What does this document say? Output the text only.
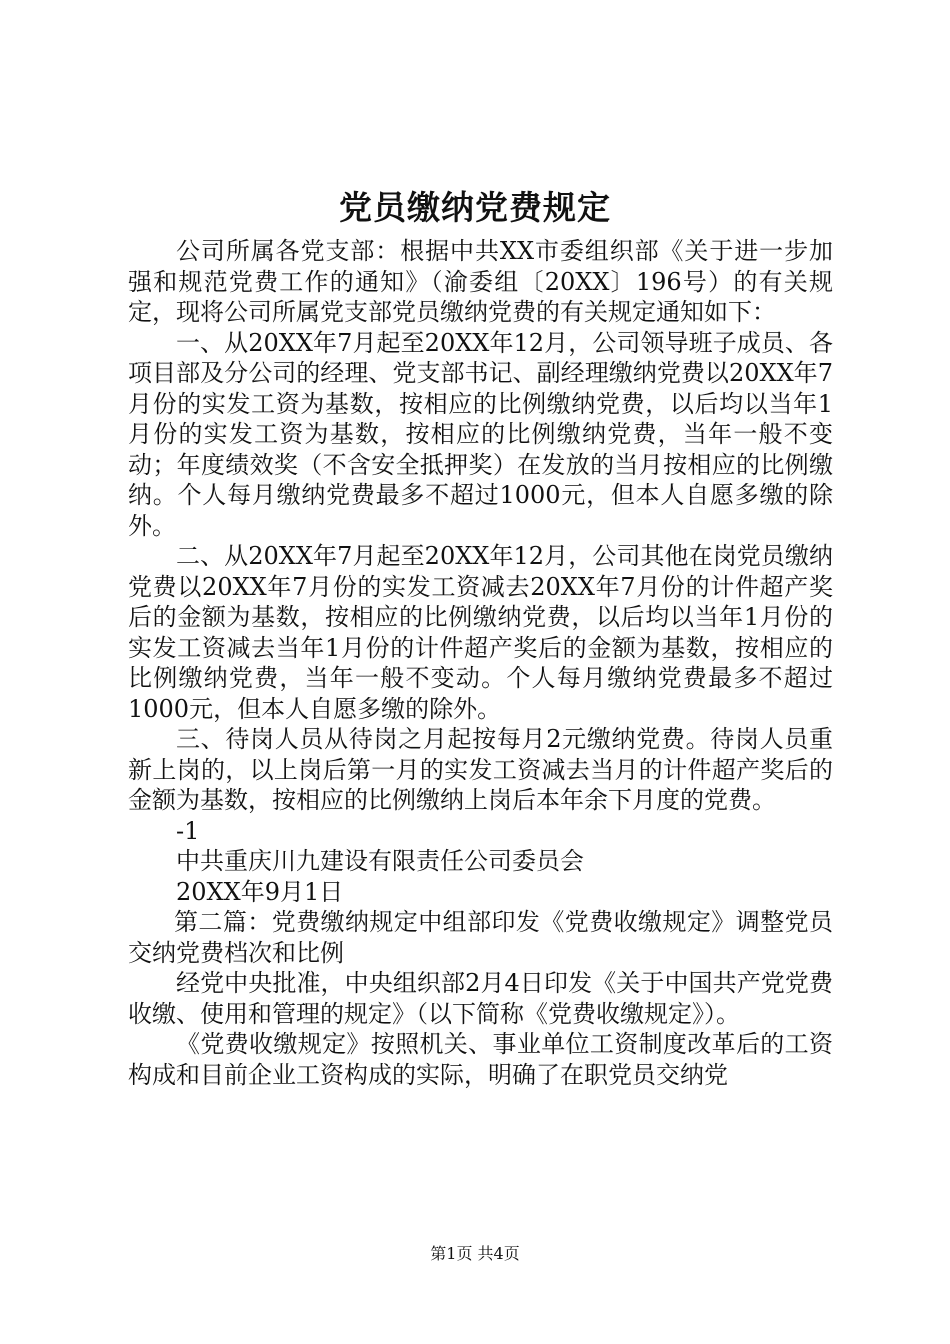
党员缴纳党费规定

公司所属各党支部：根据中共XX市委组织部《关于进一步加强和规范党费工作的通知》（渝委组〔20XX〕196号）的有关规定，现将公司所属党支部党员缴纳党费的有关规定通知如下：

一、从20XX年7月起至20XX年12月，公司领导班子成员、各项目部及分公司的经理、党支部书记、副经理缴纳党费以20XX年7月份的实发工资为基数，按相应的比例缴纳党费，以后均以当年1月份的实发工资为基数，按相应的比例缴纳党费，当年一般不变动；年度绩效奖（不含安全抵押奖）在发放的当月按相应的比例缴纳。个人每月缴纳党费最多不超过1000元，但本人自愿多缴的除外。

二、从20XX年7月起至20XX年12月，公司其他在岗党员缴纳党费以20XX年7月份的实发工资减去20XX年7月份的计件超产奖后的金额为基数，按相应的比例缴纳党费，以后均以当年1月份的实发工资减去当年1月份的计件超产奖后的金额为基数，按相应的比例缴纳党费，当年一般不变动。个人每月缴纳党费最多不超过1000元，但本人自愿多缴的除外。

三、待岗人员从待岗之月起按每月2元缴纳党费。待岗人员重新上岗的，以上岗后第一月的实发工资减去当月的计件超产奖后的金额为基数，按相应的比例缴纳上岗后本年余下月度的党费。

-1

中共重庆川九建设有限责任公司委员会

20XX年9月1日

第二篇：党费缴纳规定中组部印发《党费收缴规定》调整党员交纳党费档次和比例

经党中央批准，中央组织部2月4日印发《关于中国共产党党费收缴、使用和管理的规定》（以下简称《党费收缴规定》）。

《党费收缴规定》按照机关、事业单位工资制度改革后的工资构成和目前企业工资构成的实际，明确了在职党员交纳党

第1页 共4页
